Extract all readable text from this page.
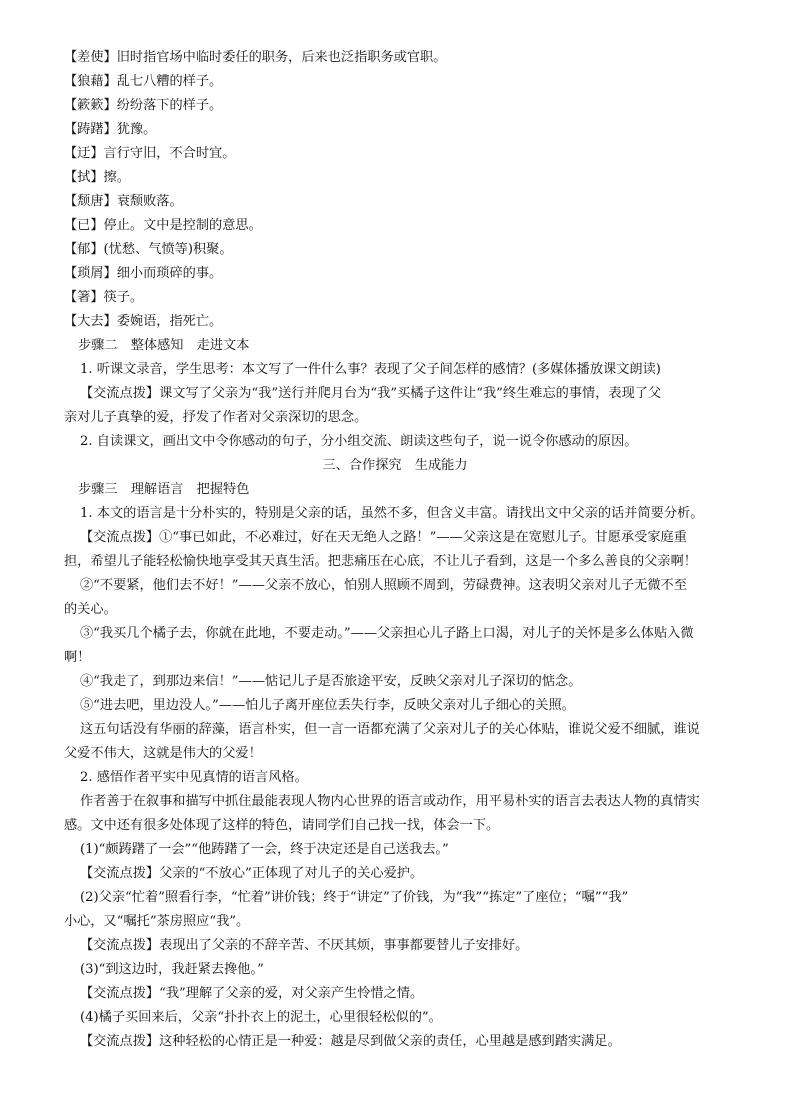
【差使】旧时指官场中临时委任的职务，后来也泛指职务或官职。
【狼藉】乱七八糟的样子。
【簌簌】纷纷落下的样子。
【踌躇】犹豫。
【迂】言行守旧，不合时宜。
【拭】擦。
【颓唐】衰颓败落。
【已】停止。文中是控制的意思。
【郁】(忧愁、气愤等)积聚。
【琐屑】细小而琐碎的事。
【箸】筷子。
【大去】委婉语，指死亡。
步骤二　整体感知　走进文本
1. 听课文录音，学生思考：本文写了一件什么事？表现了父子间怎样的感情？(多媒体播放课文朗读)
【交流点拨】课文写了父亲为“我”送行并爬月台为“我”买橘子这件让“我”终生难忘的事情，表现了父
亲对儿子真挚的爱，抒发了作者对父亲深切的思念。
2. 自读课文，画出文中令你感动的句子，分小组交流、朗读这些句子，说一说令你感动的原因。
三、合作探究　生成能力
步骤三　理解语言　把握特色
1. 本文的语言是十分朴实的，特别是父亲的话，虽然不多，但含义丰富。请找出文中父亲的话并简要分析。
【交流点拨】①“事已如此，不必难过，好在天无绝人之路！”——父亲这是在宽慰儿子。甘愿承受家庭重
担，希望儿子能轻松愉快地享受其天真生活。把悲痛压在心底，不让儿子看到，这是一个多么善良的父亲啊！
②“不要紧，他们去不好！”——父亲不放心，怕别人照顾不周到，劳碌费神。这表明父亲对儿子无微不至
的关心。
③“我买几个橘子去，你就在此地，不要走动。”——父亲担心儿子路上口渴，对儿子的关怀是多么体贴入微
啊！
④“我走了，到那边来信！”——惦记儿子是否旅途平安，反映父亲对儿子深切的惦念。
⑤“进去吧，里边没人。”——怕儿子离开座位丢失行李，反映父亲对儿子细心的关照。
这五句话没有华丽的辞藻，语言朴实，但一言一语都充满了父亲对儿子的关心体贴，谁说父爱不细腻，谁说
父爱不伟大，这就是伟大的父爱！
2. 感悟作者平实中见真情的语言风格。
作者善于在叙事和描写中抓住最能表现人物内心世界的语言或动作，用平易朴实的语言去表达人物的真情实
感。文中还有很多处体现了这样的特色，请同学们自己找一找，体会一下。
(1)“颇踌躇了一会”“他踌躇了一会，终于决定还是自己送我去。”
【交流点拨】父亲的“不放心”正体现了对儿子的关心爱护。
(2)父亲“忙着”照看行李，“忙着”讲价钱；终于“讲定”了价钱，为“我”“拣定”了座位；“嘱”“我”
小心，又“嘱托”茶房照应“我”。
【交流点拨】表现出了父亲的不辞辛苦、不厌其烦，事事都要替儿子安排好。
(3)“到这边时，我赶紧去搀他。”
【交流点拨】“我”理解了父亲的爱，对父亲产生怜惜之情。
(4)橘子买回来后，父亲“扑扑衣上的泥土，心里很轻松似的”。
【交流点拨】这种轻松的心情正是一种爱：越是尽到做父亲的责任，心里越是感到踏实满足。
